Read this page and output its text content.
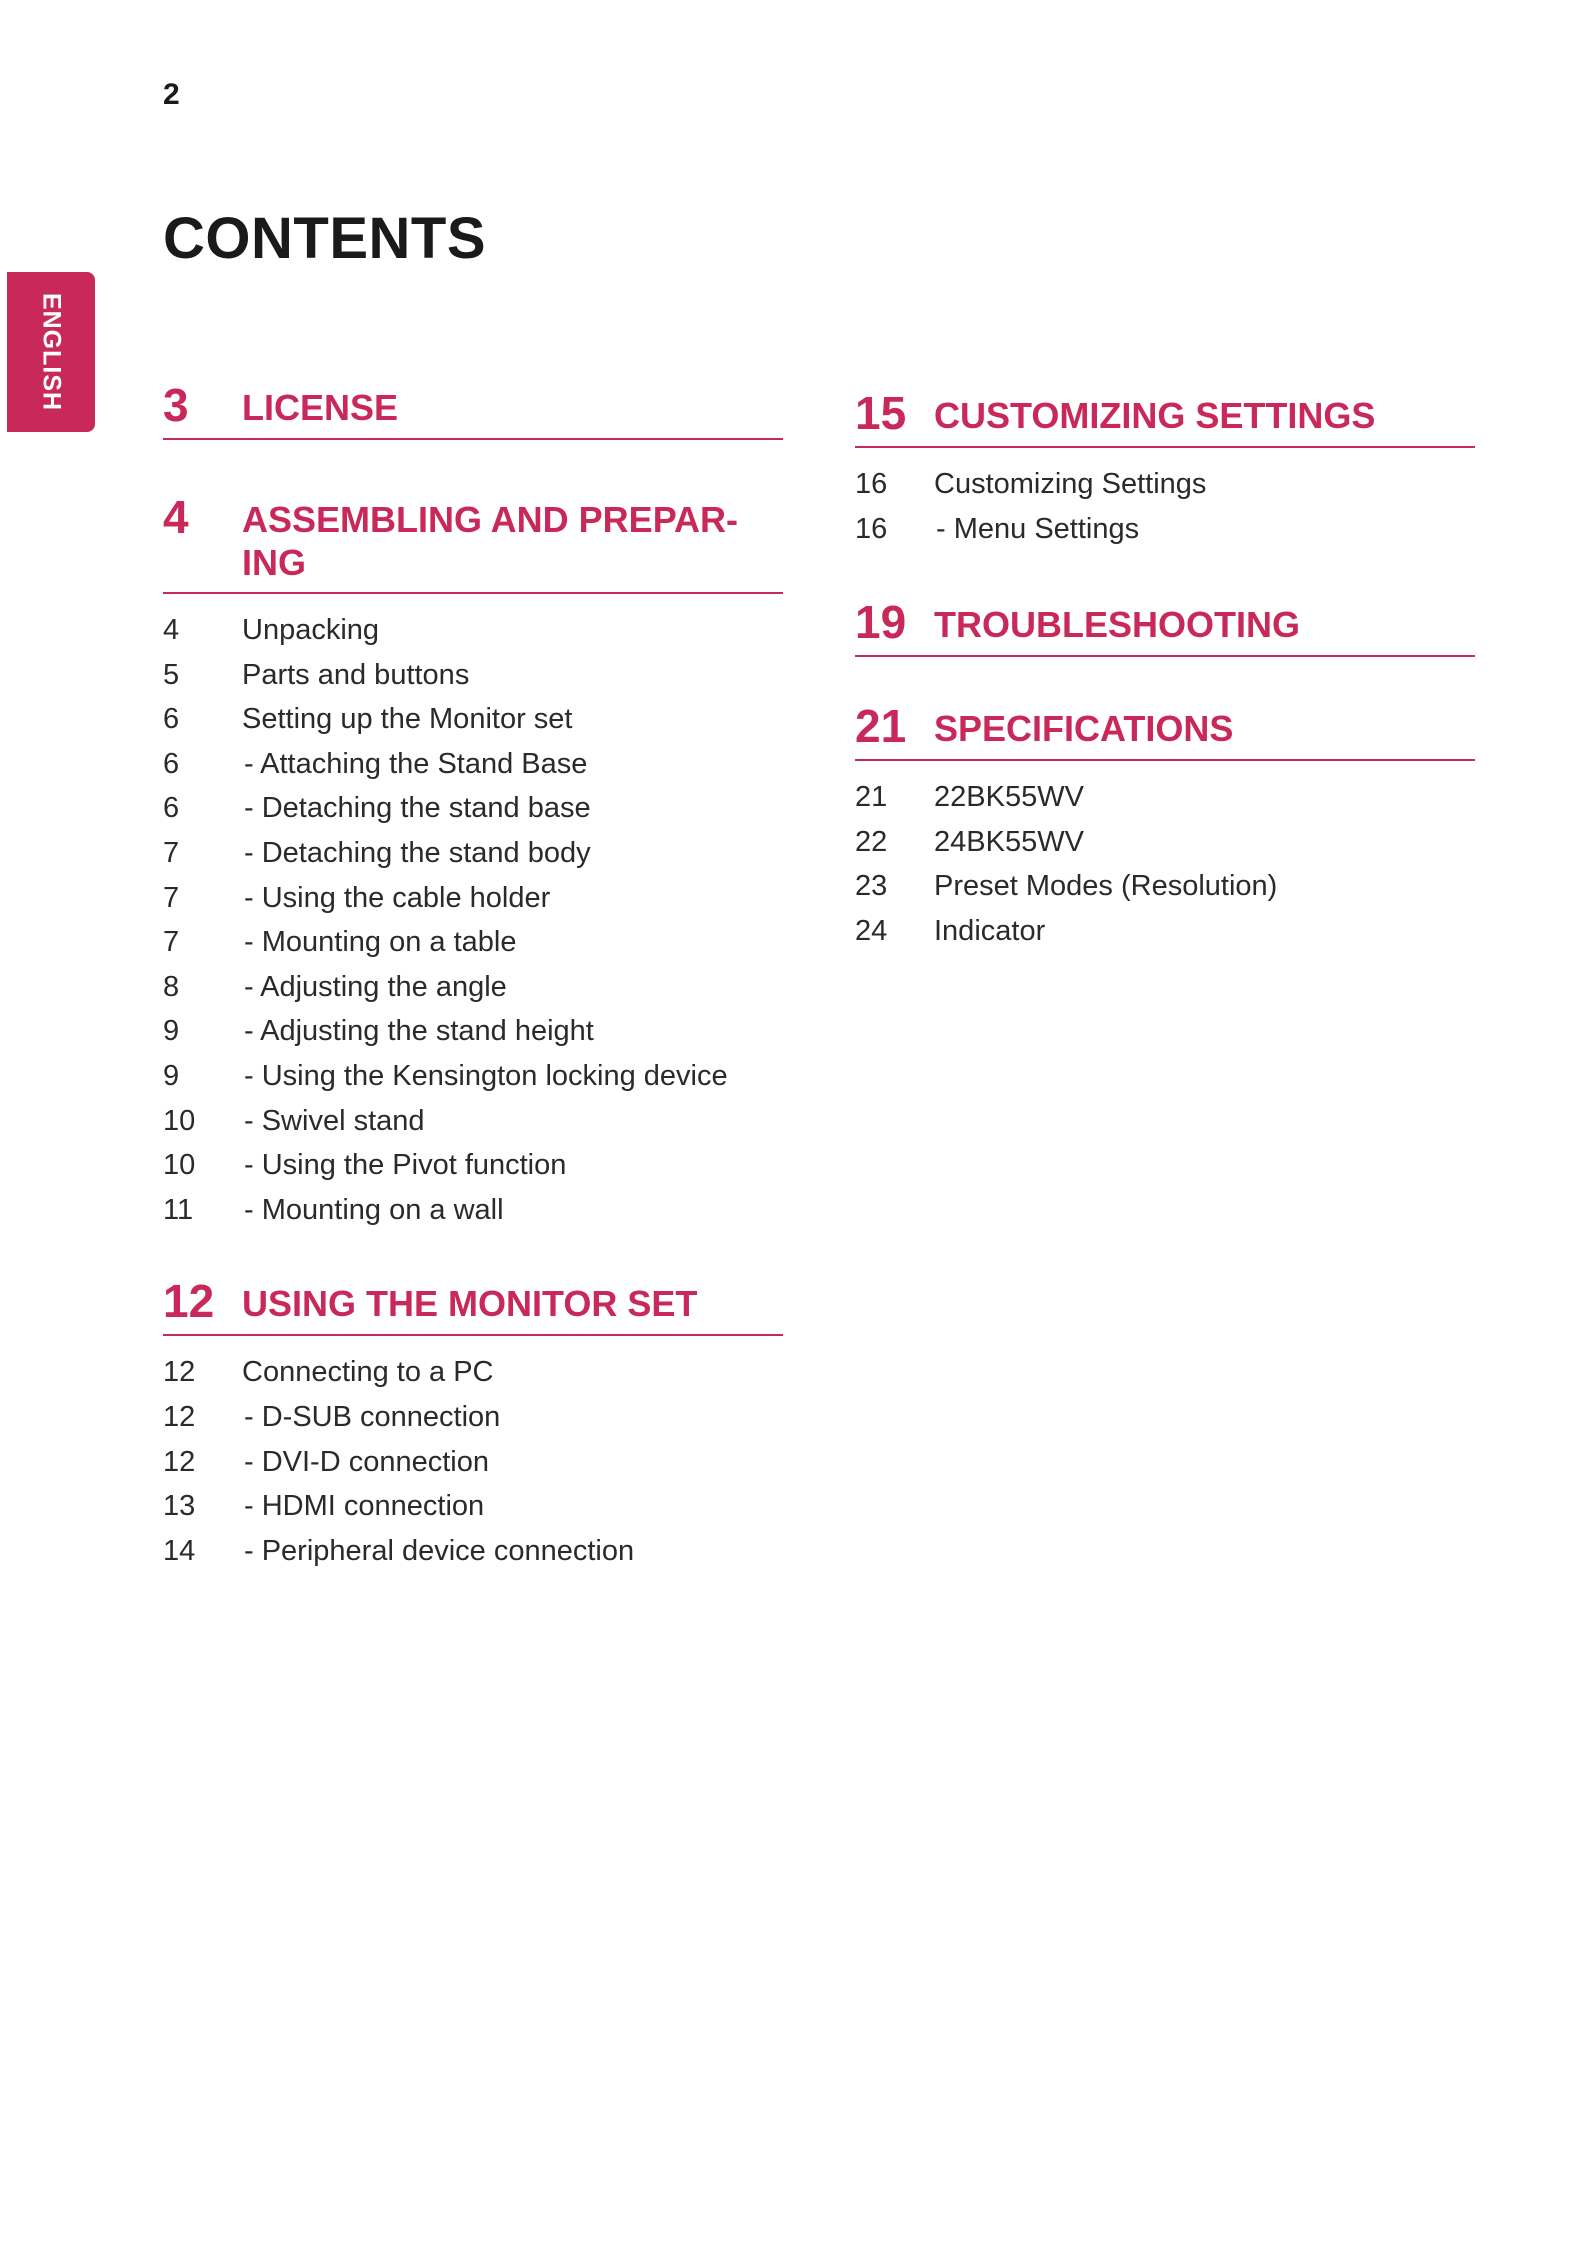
2
CONTENTS
ENGLISH 3	LICENSE
4	ASSEMBLING AND PREPAR-
ING
4	Unpacking
5	Parts and buttons
6	Setting up the Monitor set
6	- Attaching the Stand Base
6	- Detaching the stand base
7	- Detaching the stand body
7	- Using the cable holder
7	- Mounting on a table
8	- Adjusting the angle
9	- Adjusting the stand height
9	- Using the Kensington locking device
10	- Swivel stand
10	- Using the Pivot function
11	- Mounting on a wall
12 USING THE MONITOR SET
12	Connecting to a PC
12	- D-SUB connection
12	- DVI-D connection
13	- HDMI connection
14	- Peripheral device connection
15 CUSTOMIZING SETTINGS
16	Customizing Settings
16	- Menu Settings
19 TROUBLESHOOTING
21 SPECIFICATIONS
21	22BK55WV
22	24BK55WV
23	Preset Modes (Resolution)
24	Indicator
